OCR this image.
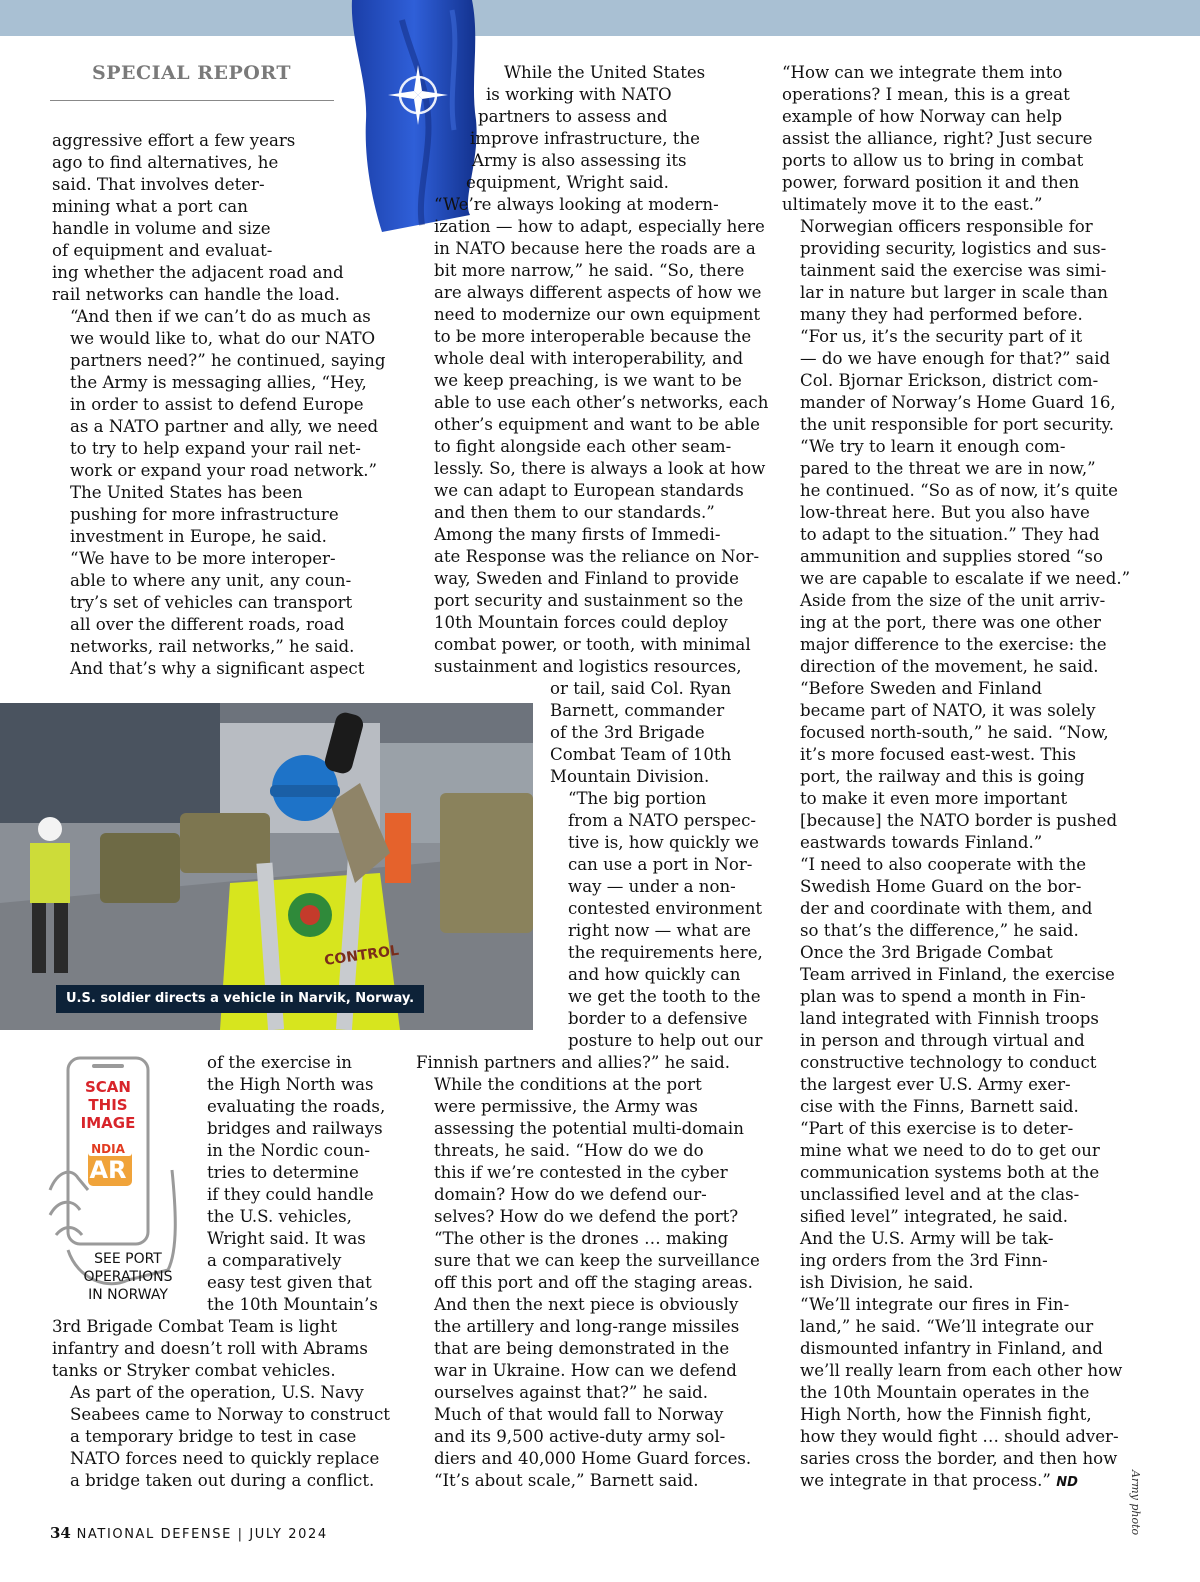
SPECIAL REPORT

aggressive effort a few years
ago to find alternatives, he
said. That involves deter-
mining what a port can
handle in volume and size
of equipment and evaluat-
ing whether the adjacent road and
rail networks can handle the load.

“And then if we can’t do as much as
we would like to, what do our NATO
partners need?” he continued, saying
the Army is messaging allies, “Hey,
in order to assist to defend Europe
as a NATO partner and ally, we need
to try to help expand your rail net-
work or expand your road network.”

The United States has been
pushing for more infrastructure
investment in Europe, he said.

“We have to be more interoper-
able to where any unit, any coun-
try’s set of vehicles can transport
all over the different roads, road
networks, rail networks,” he said.

And that’s why a significant aspect

CONTROL
U.S. soldier directs a vehicle in Narvik, Norway.

While the United States
is working with NATO
partners to assess and
improve infrastructure, the
Army is also assessing its
equipment, Wright said.

“We’re always looking at modern-
ization — how to adapt, especially here
in NATO because here the roads are a
bit more narrow,” he said. “So, there
are always different aspects of how we
need to modernize our own equipment
to be more interoperable because the
whole deal with interoperability, and
we keep preaching, is we want to be
able to use each other’s networks, each
other’s equipment and want to be able
to fight alongside each other seam-
lessly. So, there is always a look at how
we can adapt to European standards
and then them to our standards.”

Among the many firsts of Immedi-
ate Response was the reliance on Nor-
way, Sweden and Finland to provide
port security and sustainment so the
10th Mountain forces could deploy
combat power, or tooth, with minimal
sustainment and logistics resources,

or tail, said Col. Ryan
Barnett, commander
of the 3rd Brigade
Combat Team of 10th
Mountain Division.

“The big portion
from a NATO perspec-
tive is, how quickly we
can use a port in Nor-
way — under a non-
contested environment
right now — what are
the requirements here,
and how quickly can
we get the tooth to the
border to a defensive
posture to help out our

Finnish partners and allies?” he said.

While the conditions at the port
were permissive, the Army was
assessing the potential multi-domain
threats, he said. “How do we do
this if we’re contested in the cyber
domain? How do we defend our-
selves? How do we defend the port?

“The other is the drones … making
sure that we can keep the surveillance
off this port and off the staging areas.
And then the next piece is obviously
the artillery and long-range missiles
that are being demonstrated in the
war in Ukraine. How can we defend
ourselves against that?” he said.

Much of that would fall to Norway
and its 9,500 active-duty army sol-
diers and 40,000 Home Guard forces.

“It’s about scale,” Barnett said.

SCAN
THIS
IMAGE
NDIA
AR
SEE PORT
OPERATIONS
IN NORWAY

of the exercise in
the High North was
evaluating the roads,
bridges and railways
in the Nordic coun-
tries to determine
if they could handle
the U.S. vehicles,
Wright said. It was
a comparatively
easy test given that
the 10th Mountain’s

3rd Brigade Combat Team is light
infantry and doesn’t roll with Abrams
tanks or Stryker combat vehicles.

As part of the operation, U.S. Navy
Seabees came to Norway to construct
a temporary bridge to test in case
NATO forces need to quickly replace
a bridge taken out during a conflict.

“How can we integrate them into
operations? I mean, this is a great
example of how Norway can help
assist the alliance, right? Just secure
ports to allow us to bring in combat
power, forward position it and then
ultimately move it to the east.”

Norwegian officers responsible for
providing security, logistics and sus-
tainment said the exercise was simi-
lar in nature but larger in scale than
many they had performed before.

“For us, it’s the security part of it
— do we have enough for that?” said
Col. Bjornar Erickson, district com-
mander of Norway’s Home Guard 16,
the unit responsible for port security.

“We try to learn it enough com-
pared to the threat we are in now,”
he continued. “So as of now, it’s quite
low-threat here. But you also have
to adapt to the situation.” They had
ammunition and supplies stored “so
we are capable to escalate if we need.”

Aside from the size of the unit arriv-
ing at the port, there was one other
major difference to the exercise: the
direction of the movement, he said.

“Before Sweden and Finland
became part of NATO, it was solely
focused north-south,” he said. “Now,
it’s more focused east-west. This
port, the railway and this is going
to make it even more important
[because] the NATO border is pushed
eastwards towards Finland.”

“I need to also cooperate with the
Swedish Home Guard on the bor-
der and coordinate with them, and
so that’s the difference,” he said.

Once the 3rd Brigade Combat
Team arrived in Finland, the exercise
plan was to spend a month in Fin-
land integrated with Finnish troops
in person and through virtual and
constructive technology to conduct
the largest ever U.S. Army exer-
cise with the Finns, Barnett said.

“Part of this exercise is to deter-
mine what we need to do to get our
communication systems both at the
unclassified level and at the clas-
sified level” integrated, he said.

And the U.S. Army will be tak-
ing orders from the 3rd Finn-
ish Division, he said.

“We’ll integrate our fires in Fin-
land,” he said. “We’ll integrate our
dismounted infantry in Finland, and
we’ll really learn from each other how
the 10th Mountain operates in the
High North, how the Finnish fight,
how they would fight … should adver-
saries cross the border, and then how
we integrate in that process.” ND	Army photo
34 NATIONAL DEFENSE | JULY 2024
